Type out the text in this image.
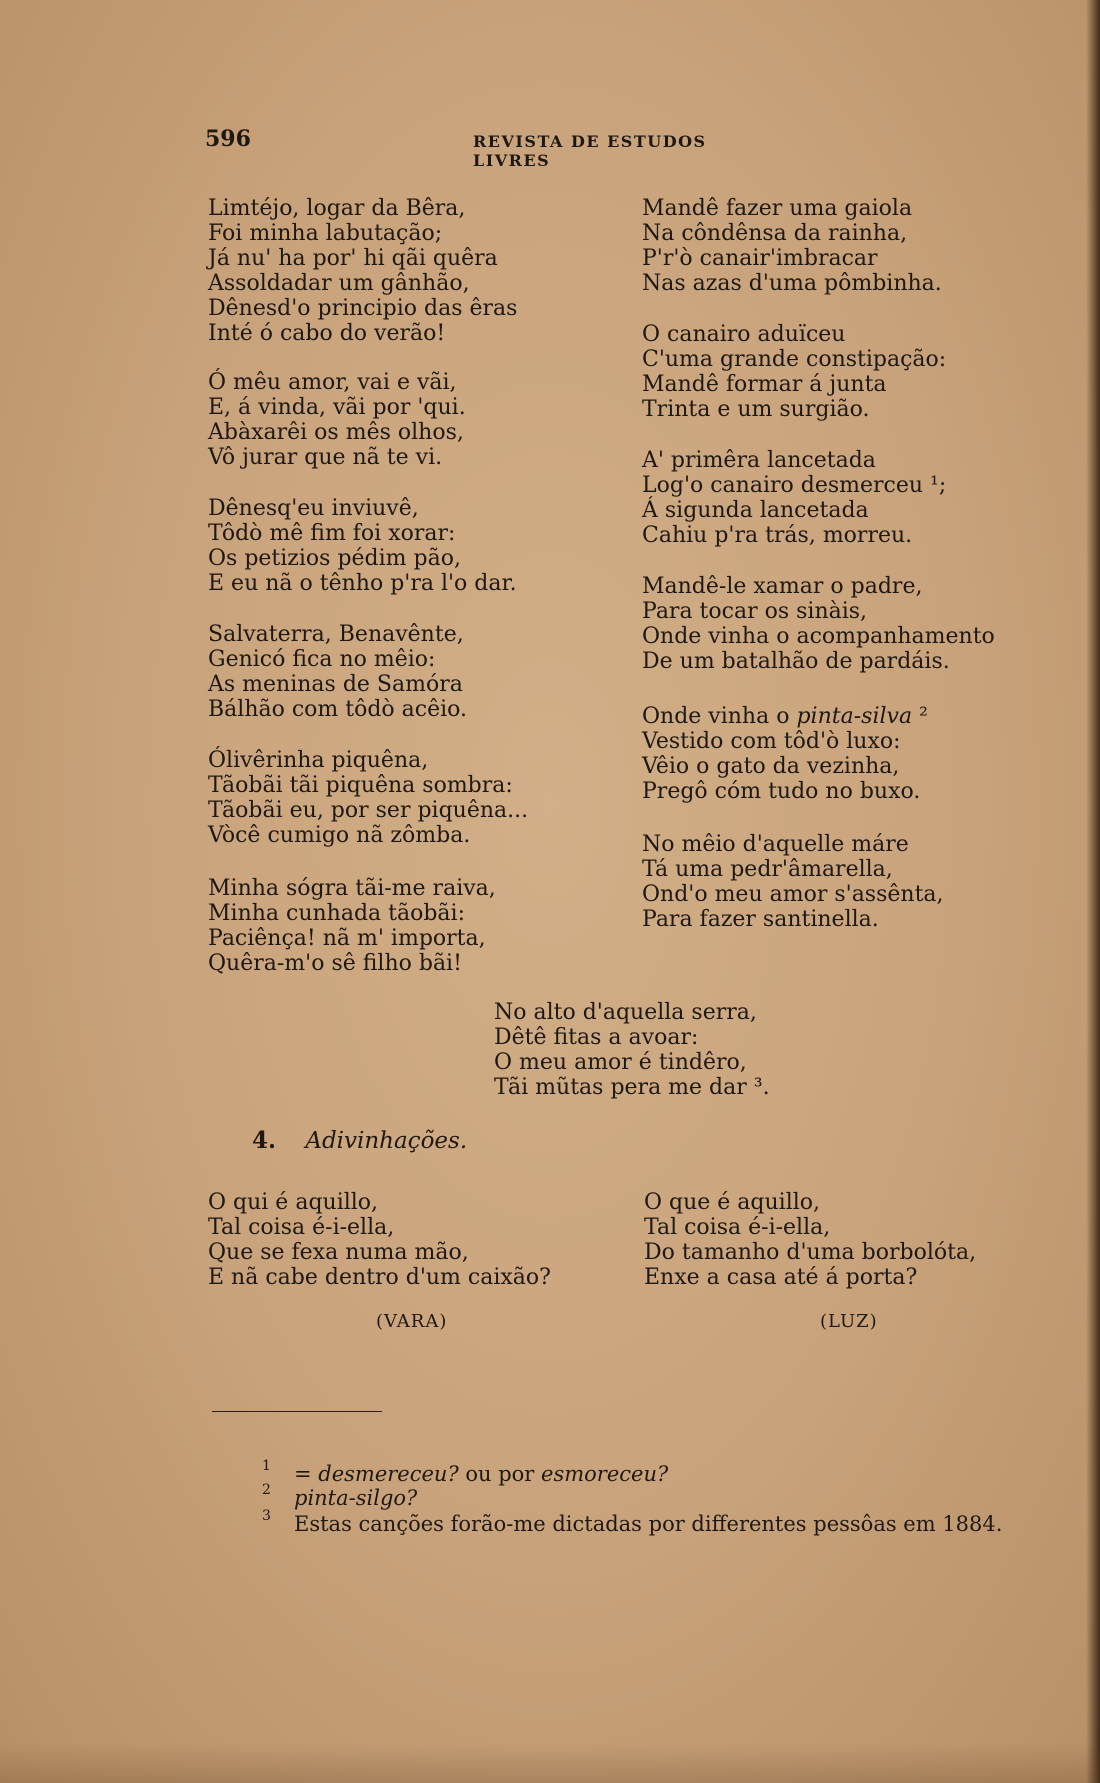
596	REVISTA DE ESTUDOS LIVRES
Limtéjo, logar da Bêra,
Foi minha labutação;
Já nu' ha por' hi qãi quêra
Assoldadar um gânhão,
Dênesd'o principio das êras
Inté ó cabo do verão!
Ó mêu amor, vai e vãi,
E, á vinda, vãi por 'qui.
Abàxarêi os mês olhos,
Vô jurar que nã te vi.
Dênesq'eu inviuvê,
Tôdò mê fim foi xorar:
Os petizios pédim pão,
E eu nã o tênho p'ra l'o dar.
Salvaterra, Benavênte,
Genicó fica no mêio:
As meninas de Samóra
Bálhão com tôdò acêio.
Ólivêrinha piquêna,
Tãobãi tãi piquêna sombra:
Tãobãi eu, por ser piquêna...
Vòcê cumigo nã zômba.
Minha sógra tãi-me raiva,
Minha cunhada tãobãi:
Paciênça! nã m' importa,
Quêra-m'o sê filho bãi!
Mandê fazer uma gaiola
Na côndênsa da rainha,
P'r'ò canair'imbracar
Nas azas d'uma pômbinha.
O canairo aduïceu
C'uma grande constipação:
Mandê formar á junta
Trinta e um surgião.
A' primêra lancetada
Log'o canairo desmerceu ¹;
Á sigunda lancetada
Cahiu p'ra trás, morreu.
Mandê-le xamar o padre,
Para tocar os sinàis,
Onde vinha o acompanhamento
De um batalhão de pardáis.
Onde vinha o pinta-silva ²
Vestido com tôd'ò luxo:
Vêio o gato da vezinha,
Pregô cóm tudo no buxo.
No mêio d'aquelle máre
Tá uma pedr'âmarella,
Ond'o meu amor s'assênta,
Para fazer santinella.
No alto d'aquella serra,
Dêtê fitas a avoar:
O meu amor é tindêro,
Tãi mũtas pera me dar ³.
4. Adivinhações.
O qui é aquillo,
Tal coisa é-i-ella,
Que se fexa numa mão,
E nã cabe dentro d'um caixão?
O que é aquillo,
Tal coisa é-i-ella,
Do tamanho d'uma borbolóta,
Enxe a casa até á porta?
(VARA)	(LUZ)
1 = desmereceu? ou por esmoreceu?
2 pinta-silgo?
3 Estas canções forão-me dictadas por differentes pessôas em 1884.
